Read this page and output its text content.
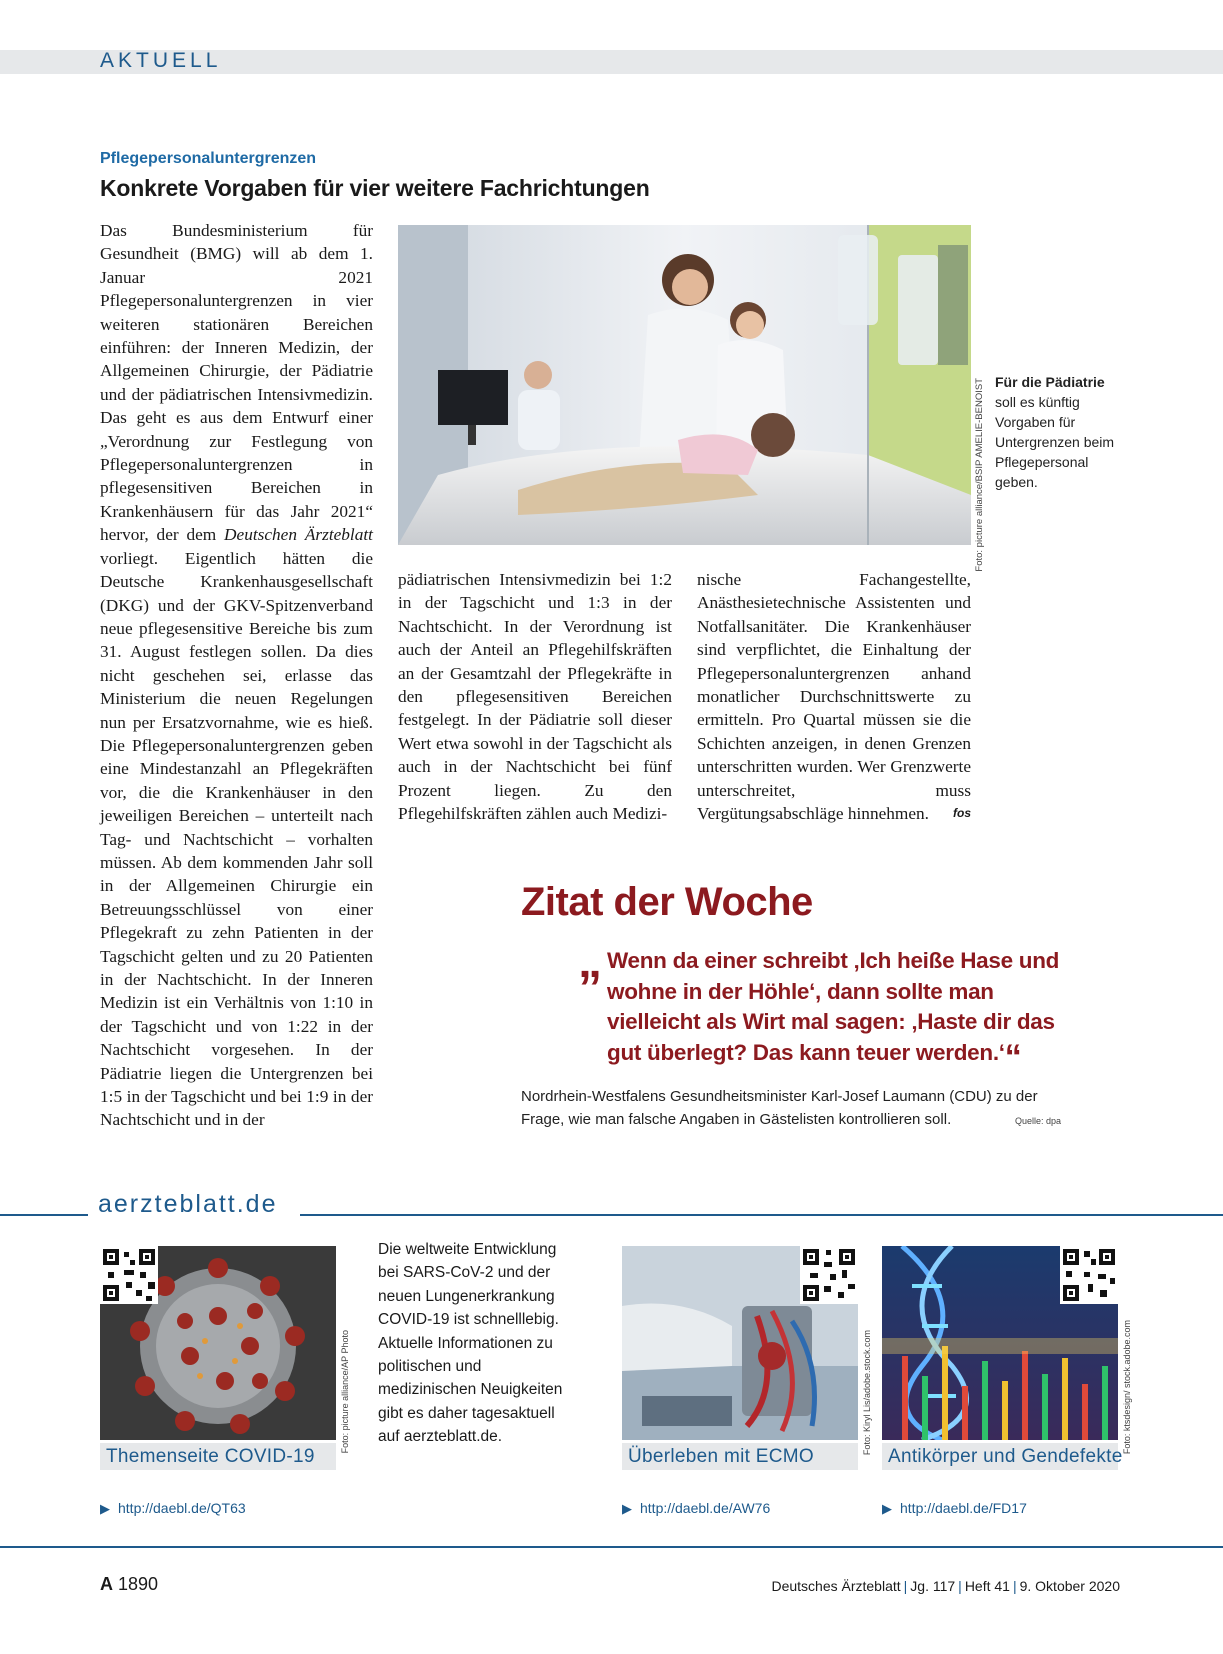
AKTUELL
Pflegepersonaluntergrenzen
Konkrete Vorgaben für vier weitere Fachrichtungen
Das Bundesministerium für Gesundheit (BMG) will ab dem 1. Januar 2021 Pflegepersonaluntergrenzen in vier weiteren stationären Bereichen einführen: der Inneren Medizin, der Allgemeinen Chirurgie, der Pädiatrie und der pädiatrischen Intensivmedizin. Das geht es aus dem Entwurf einer „Verordnung zur Festlegung von Pflegepersonaluntergrenzen in pflegesensitiven Bereichen in Krankenhäusern für das Jahr 2021“ hervor, der dem Deutschen Ärzteblatt vorliegt. Eigentlich hätten die Deutsche Krankenhausgesellschaft (DKG) und der GKV-Spitzenverband neue pflegesensitive Bereiche bis zum 31. August festlegen sollen. Da dies nicht geschehen sei, erlasse das Ministerium die neuen Regelungen nun per Ersatzvornahme, wie es hieß. Die Pflegepersonaluntergrenzen geben eine Mindestanzahl an Pflegekräften vor, die die Krankenhäuser in den jeweiligen Bereichen – unterteilt nach Tag- und Nachtschicht – vorhalten müssen. Ab dem kommenden Jahr soll in der Allgemeinen Chirurgie ein Betreuungsschlüssel von einer Pflegekraft zu zehn Patienten in der Tagschicht gelten und zu 20 Patienten in der Nachtschicht. In der Inneren Medizin ist ein Verhältnis von 1:10 in der Tagschicht und von 1:22 in der Nachtschicht vorgesehen. In der Pädiatrie liegen die Untergrenzen bei 1:5 in der Tagschicht und bei 1:9 in der Nachtschicht und in der
Foto: picture alliance/BSIP AMELIE-BENOIST Für die Pädiatrie
soll es künftig Vorgaben für Untergrenzen beim Pflegepersonal geben.
pädiatrischen Intensivmedizin bei 1:2 in der Tagschicht und 1:3 in der Nachtschicht. In der Verordnung ist auch der Anteil an Pflegehilfskräften an der Gesamtzahl der Pflegekräfte in den pflegesensitiven Bereichen festgelegt. In der Pädiatrie soll dieser Wert etwa sowohl in der Tagschicht als auch in der Nachtschicht bei fünf Prozent liegen. Zu den Pflegehilfskräften zählen auch Medizi-
nische Fachangestellte, Anästhesietechnische Assistenten und Notfallsanitäter. Die Krankenhäuser sind verpflichtet, die Einhaltung der Pflegepersonaluntergrenzen anhand monatlicher Durchschnittswerte zu ermitteln. Pro Quartal müssen sie die Schichten anzeigen, in denen Grenzen unterschritten wurden. Wer Grenzwerte unterschreitet, muss Vergütungsabschläge hinnehmen. fos
Zitat der Woche
„ Wenn da einer schreibt ‚Ich heiße Hase und wohne in der Höhle‘, dann sollte man vielleicht als Wirt mal sagen: ‚Haste dir das gut überlegt? Das kann teuer werden.‘“
Nordrhein-Westfalens Gesundheitsminister Karl-Josef Laumann (CDU) zu der Frage, wie man falsche Angaben in Gästelisten kontrollieren soll.	Quelle: dpa
aerzteblatt.de
Foto: picture alliance/AP Photo
Themenseite COVID-19
▶ http://daebl.de/QT63
Die weltweite Entwicklung bei SARS-CoV-2 und der neuen Lungenerkrankung COVID-19 ist schnelllebig. Aktuelle Informationen zu politischen und medizinischen Neuigkeiten gibt es daher tagesaktuell auf aerzteblatt.de.	Foto: Kiryl Lis/adobe.stock.com
Überleben mit ECMO
▶ http://daebl.de/AW76
Foto: ktsdesign/ stock.adobe.com
Antikörper und Gendefekte
▶ http://daebl.de/FD17
A 1890	Deutsches Ärzteblatt | Jg. 117 | Heft 41 | 9. Oktober 2020
